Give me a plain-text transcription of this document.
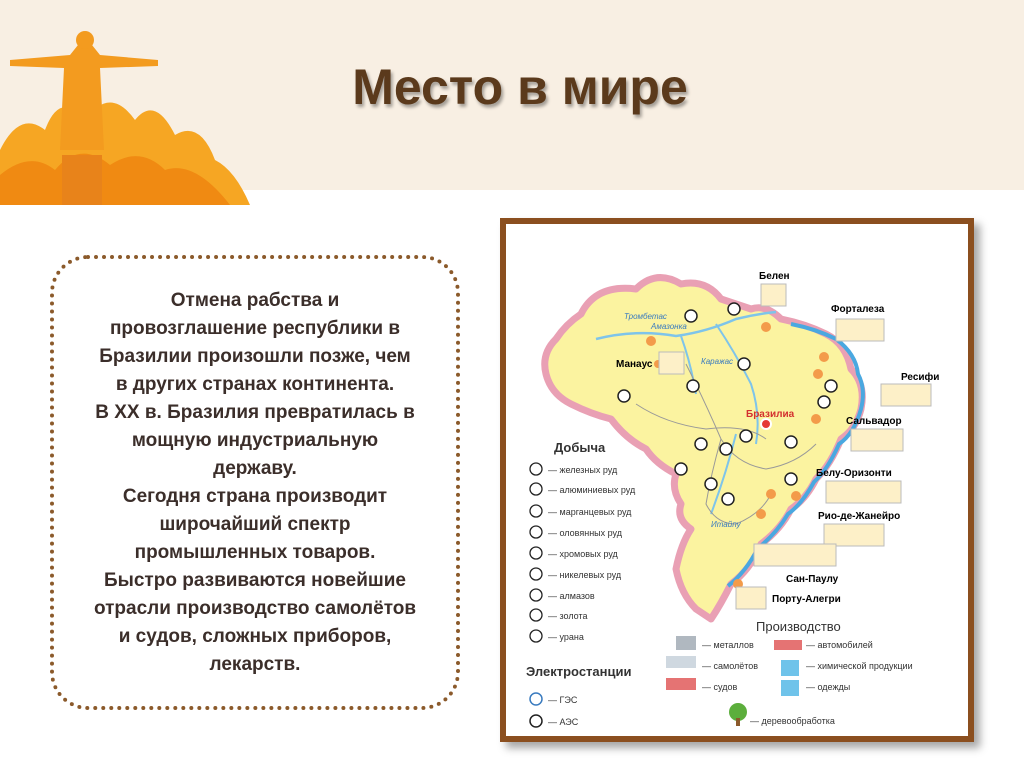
Место в мире

Отмена рабства и
провозглашение республики в
Бразилии произошли позже, чем
в других странах континента.
В XX в. Бразилия превратилась в
мощную индустриальную
державу.
Сегодня страна производит
широчайший спектр
промышленных товаров.
Быстро развиваются новейшие
отрасли производство самолётов
и судов, сложных приборов,
лекарств.

Белен
Форталеза
Ресифи
Сальвадор
Белу-Оризонти
Рио-де-Жанейро
Сан-Паулу
Порту-Алегри
Манаус
Бразилиа
Тромбетас
Амазонка
Каражас
Итайпу
Добыча
— железных руд
— алюминиевых руд
— марганцевых руд
— оловянных руд
— хромовых руд
— никелевых руд
— алмазов
— золота
— урана
Электростанции
— ГЭС
— АЭС
Производство
— металлов	— автомобилей
— самолётов	— химической продукции
— судов	— одежды
— деревообработка
